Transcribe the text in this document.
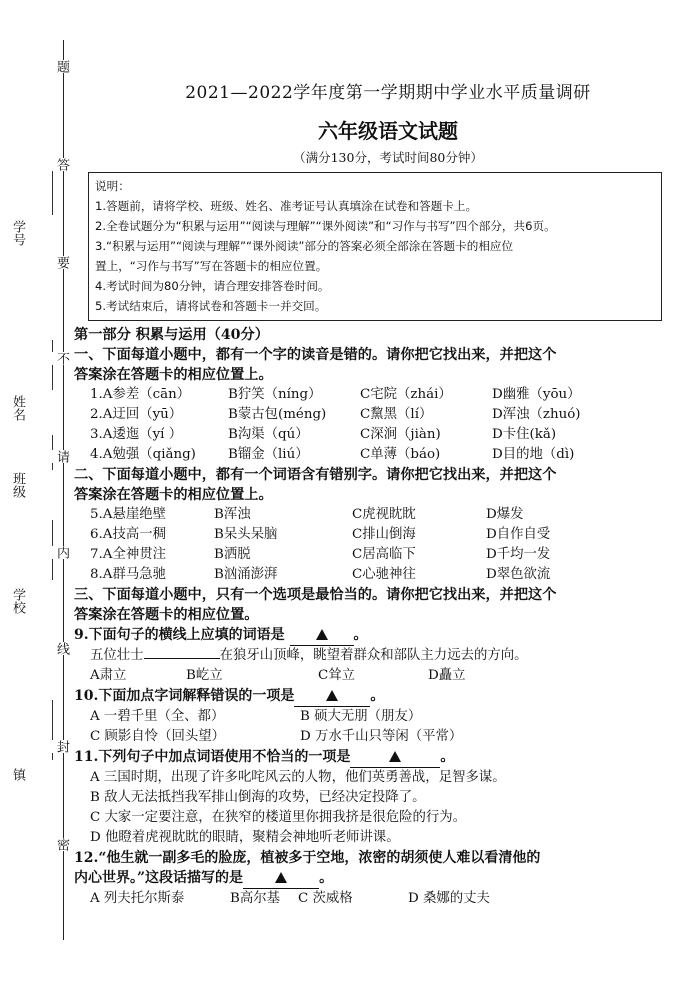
学号
姓名
班级
学校
镇
题
答
要
不
请
内
线
封
密
2021—2022学年度第一学期期中学业水平质量调研
六年级语文试题
（满分130分，考试时间80分钟）
说明：
1.答题前，请将学校、班级、姓名、准考证号认真填涂在试卷和答题卡上。
2.全卷试题分为“积累与运用”“阅读与理解”“课外阅读”和“习作与书写”四个部分，共6页。
3.“积累与运用”“阅读与理解”“课外阅读”部分的答案必须全部涂在答题卡的相应位
置上，“习作与书写”写在答题卡的相应位置。
4.考试时间为80分钟，请合理安排答卷时间。
5.考试结束后，请将试卷和答题卡一并交回。
第一部分 积累与运用（40分）
一、下面每道小题中，都有一个字的读音是错的。请你把它找出来，并把这个
答案涂在答题卡的相应位置上。
1.A参差（cān）	B狞笑（níng）	C宅院（zhái）	D幽雅（yōu）
2.A迂回（yū）	B蒙古包(méng)	C黧黑（lí）	D浑浊（zhuó)
3.A逶迤（yí ）	B沟渠（qú）	C深涧（jiàn)	D卡住(kǎ)
4.A勉强（qiǎng)	B镏金（liú）	C单薄（báo)	D目的地（dì)
二、下面每道小题中，都有一个词语含有错别字。请你把它找出来，并把这个
答案涂在答题卡的相应位置上。
5.A悬崖绝壁	B浑浊	C虎视眈眈	D爆发
6.A技高一稠	B呆头呆脑	C排山倒海	D自作自受
7.A全神贯注	B洒脱	C居高临下	D千均一发
8.A群马急驰	B汹涌澎湃	C心驰神往	D翠色欲流
三、下面每道小题中，只有一个选项是最恰当的。请你把它找出来，并把这个
答案涂在答题卡的相应位置。
9.下面句子的横线上应填的词语是	。
五位壮士	在狼牙山顶峰，眺望着群众和部队主力远去的方向。
A肃立	B屹立	C耸立	D矗立
10.下面加点字词解释错误的一项是	。
A 一碧千里（全、都）	B 硕大无朋（朋友）
C 顾影自怜（回头望）	D 万水千山只等闲（平常）
11.下列句子中加点词语使用不恰当的一项是	。
A 三国时期，出现了许多叱咤风云的人物，他们英勇善战，足智多谋。
B 敌人无法抵挡我军排山倒海的攻势，已经决定投降了。
C 大家一定要注意，在狭窄的楼道里你拥我挤是很危险的行为。
D 他瞪着虎视眈眈的眼睛，聚精会神地听老师讲课。
12.“他生就一副多毛的脸庞，植被多于空地，浓密的胡须使人难以看清他的
内心世界。”这段话描写的是	。
A 列夫托尔斯泰	B高尔基	C 茨威格	D 桑娜的丈夫
